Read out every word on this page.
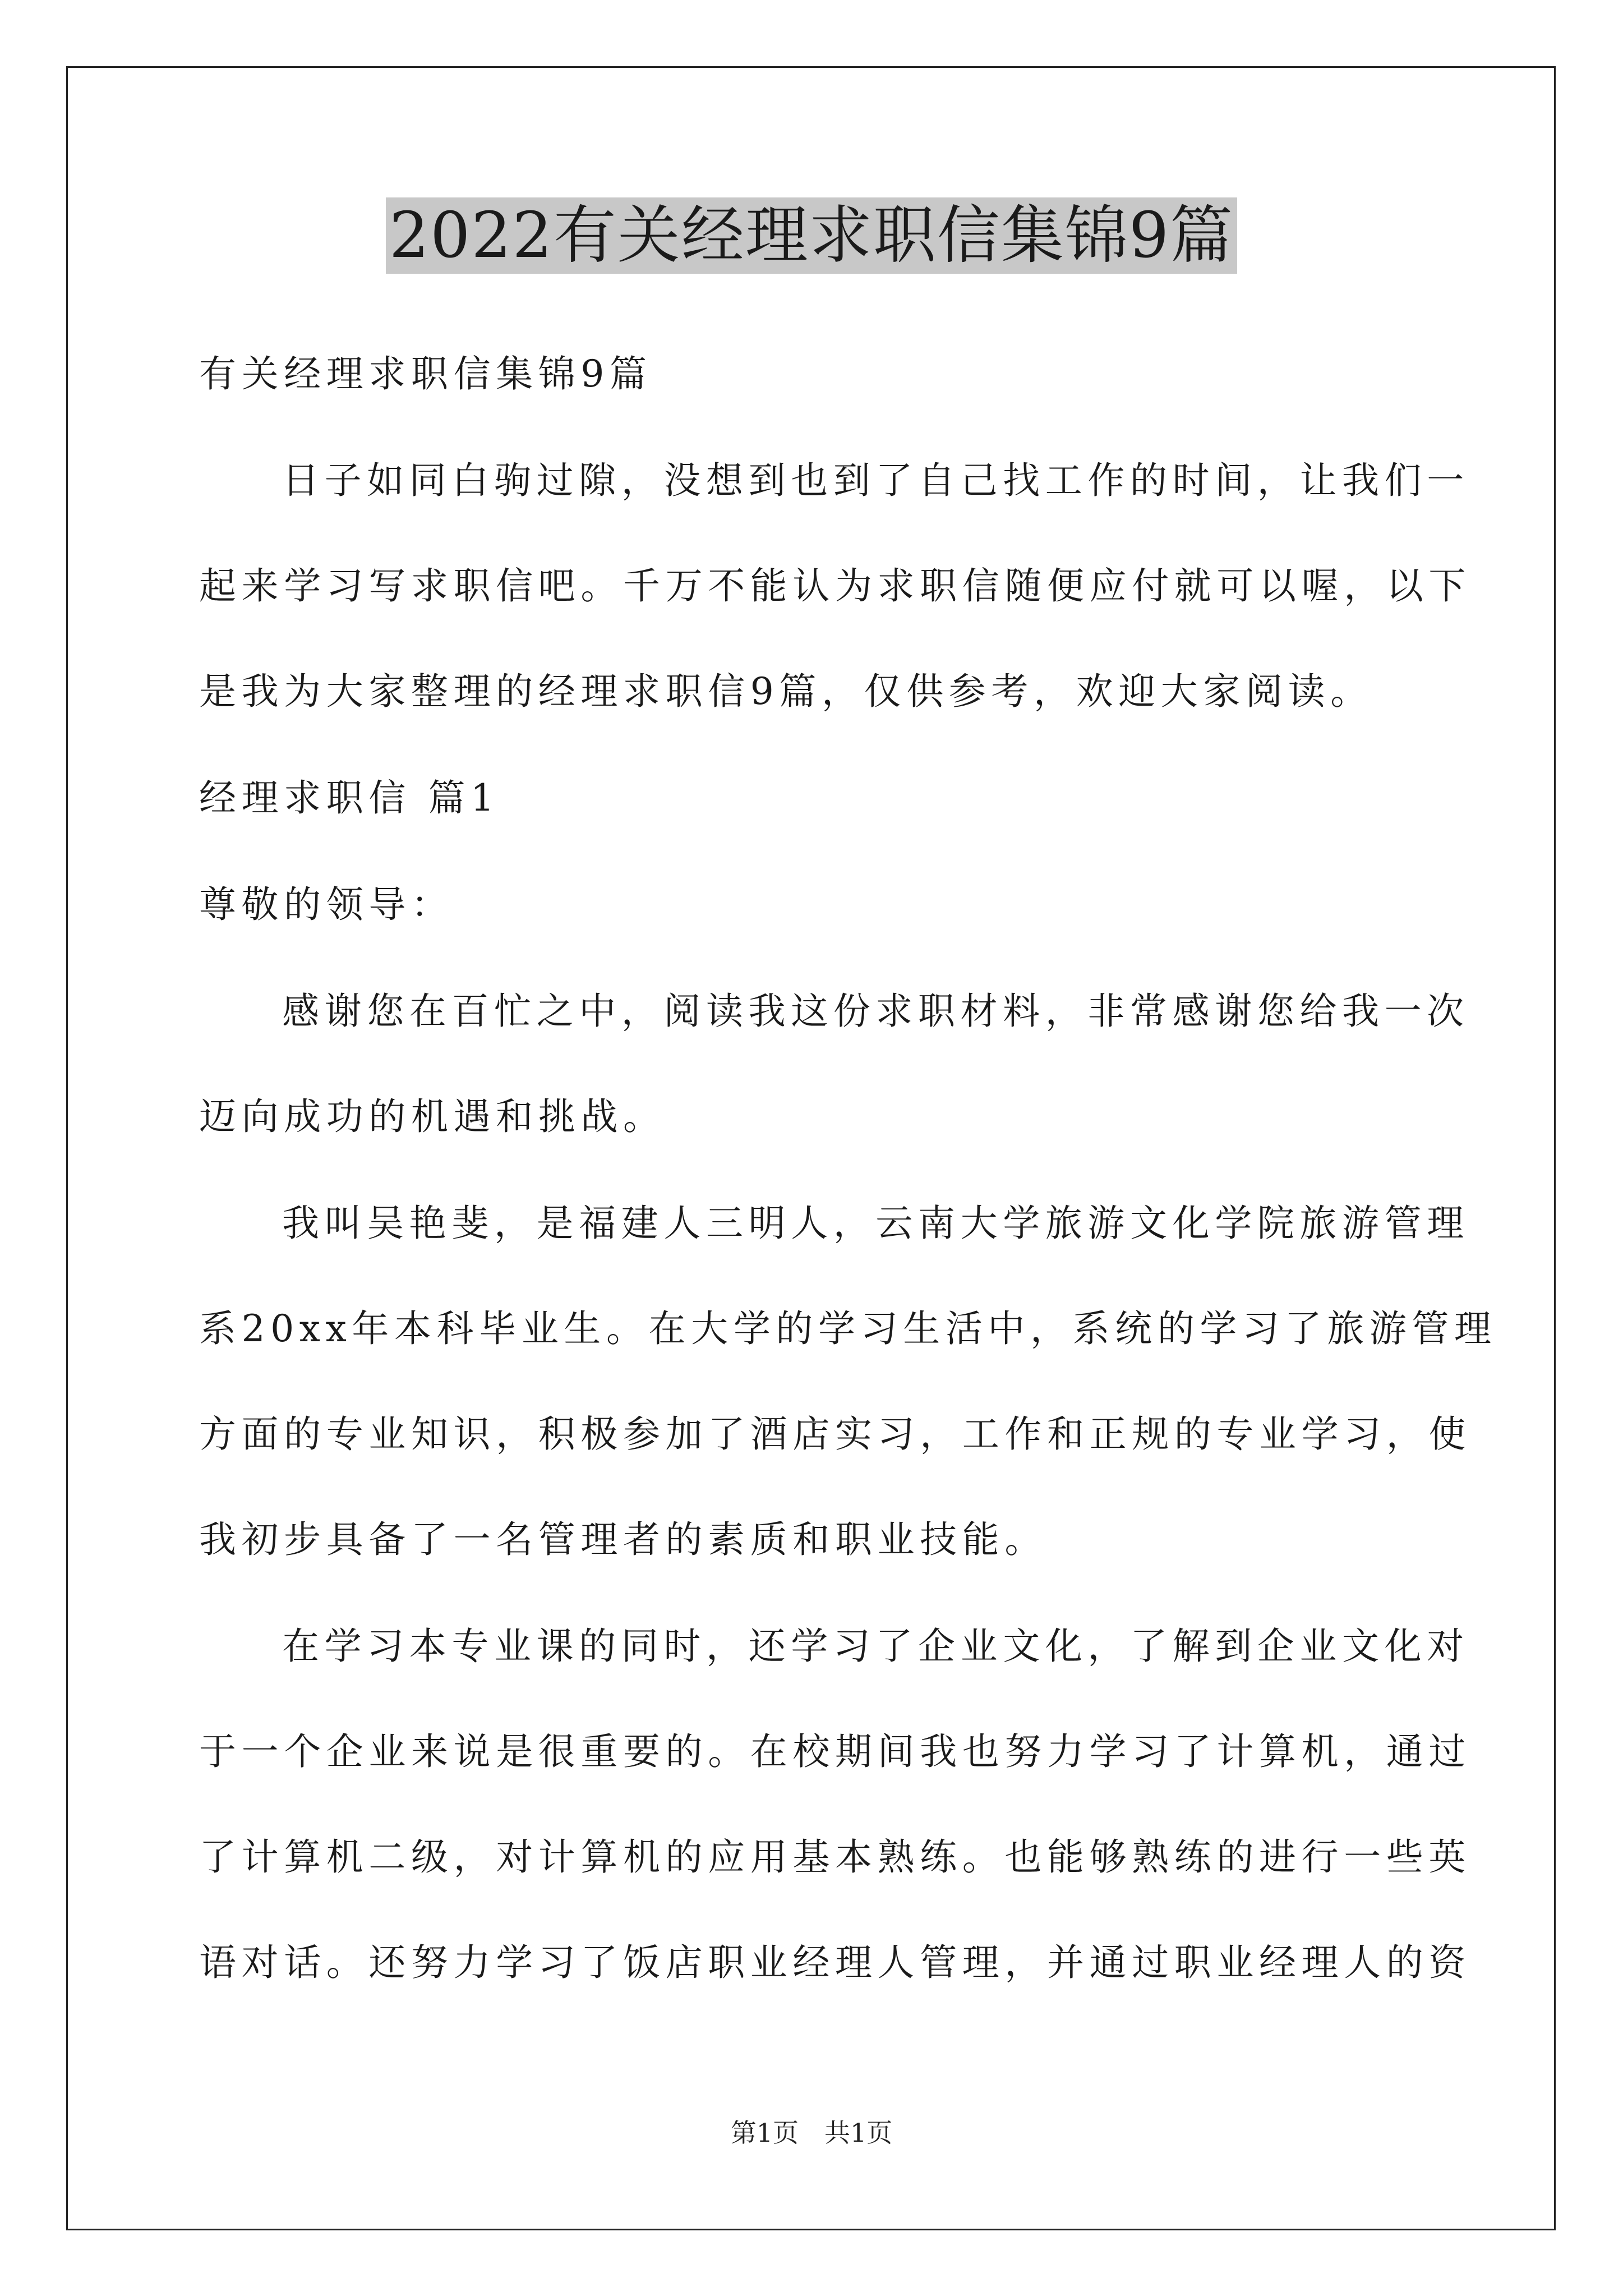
2022有关经理求职信集锦9篇
有关经理求职信集锦9篇
日子如同白驹过隙，没想到也到了自己找工作的时间，让我们一
起来学习写求职信吧。千万不能认为求职信随便应付就可以喔，以下
是我为大家整理的经理求职信9篇，仅供参考，欢迎大家阅读。
经理求职信 篇1
尊敬的领导：
感谢您在百忙之中，阅读我这份求职材料，非常感谢您给我一次
迈向成功的机遇和挑战。
我叫吴艳斐，是福建人三明人，云南大学旅游文化学院旅游管理
系20xx年本科毕业生。在大学的学习生活中，系统的学习了旅游管理
方面的专业知识，积极参加了酒店实习，工作和正规的专业学习，使
我初步具备了一名管理者的素质和职业技能。
在学习本专业课的同时，还学习了企业文化，了解到企业文化对
于一个企业来说是很重要的。在校期间我也努力学习了计算机，通过
了计算机二级，对计算机的应用基本熟练。也能够熟练的进行一些英
语对话。还努力学习了饭店职业经理人管理，并通过职业经理人的资
第1页 共1页
